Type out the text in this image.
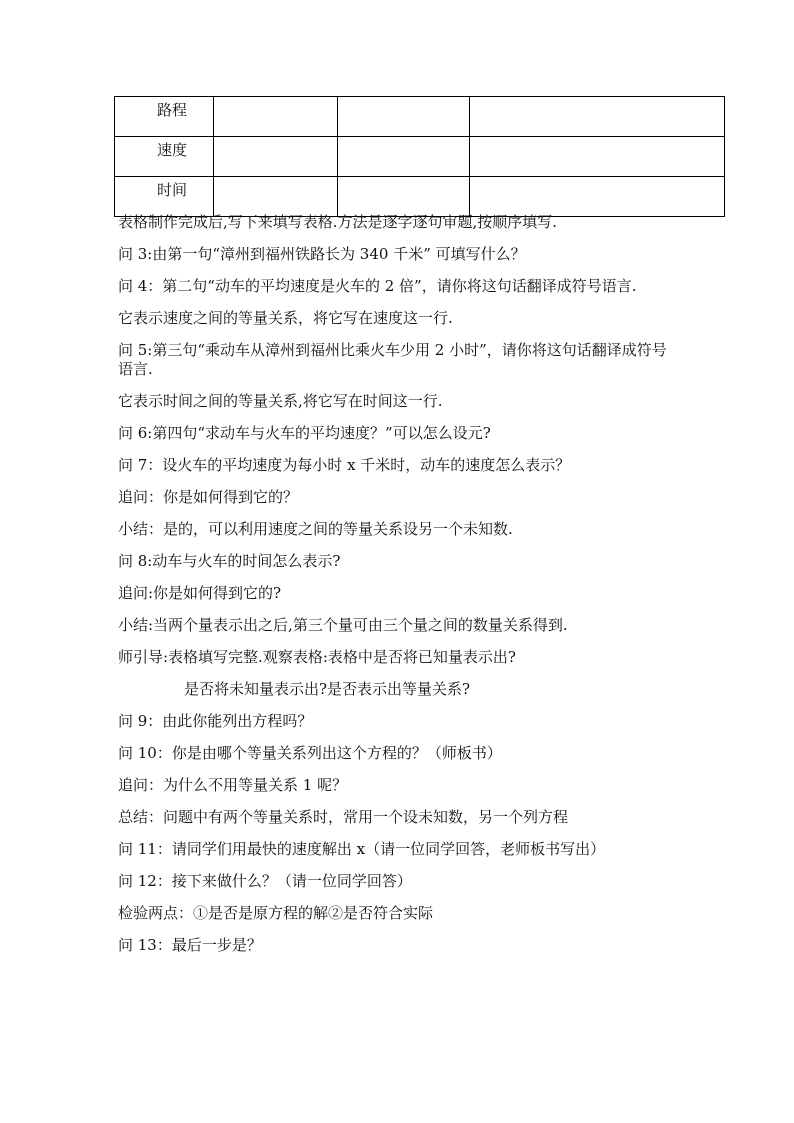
路程			
速度			
时间			

表格制作完成后,写下来填写表格.方法是逐字逐句审题,按顺序填写.

问 3:由第一句“漳州到福州铁路长为 340 千米” 可填写什么？

问 4：第二句“动车的平均速度是火车的 2 倍”，请你将这句话翻译成符号语言.

它表示速度之间的等量关系，将它写在速度这一行.

问 5:第三句“乘动车从漳州到福州比乘火车少用 2 小时”，请你将这句话翻译成符号语言.

它表示时间之间的等量关系,将它写在时间这一行.

问 6:第四句“求动车与火车的平均速度？”可以怎么设元?

问 7：设火车的平均速度为每小时 x 千米时，动车的速度怎么表示？

追问：你是如何得到它的？

小结：是的，可以利用速度之间的等量关系设另一个未知数.

问 8:动车与火车的时间怎么表示?

追问:你是如何得到它的?

小结:当两个量表示出之后,第三个量可由三个量之间的数量关系得到.

师引导:表格填写完整.观察表格:表格中是否将已知量表示出?

是否将未知量表示出?是否表示出等量关系?

问 9：由此你能列出方程吗？

问 10：你是由哪个等量关系列出这个方程的？（师板书）

追问：为什么不用等量关系 1 呢？

总结：问题中有两个等量关系时，常用一个设未知数，另一个列方程

问 11：请同学们用最快的速度解出 x（请一位同学回答，老师板书写出）

问 12：接下来做什么？（请一位同学回答）

检验两点：①是否是原方程的解②是否符合实际

问 13：最后一步是？
